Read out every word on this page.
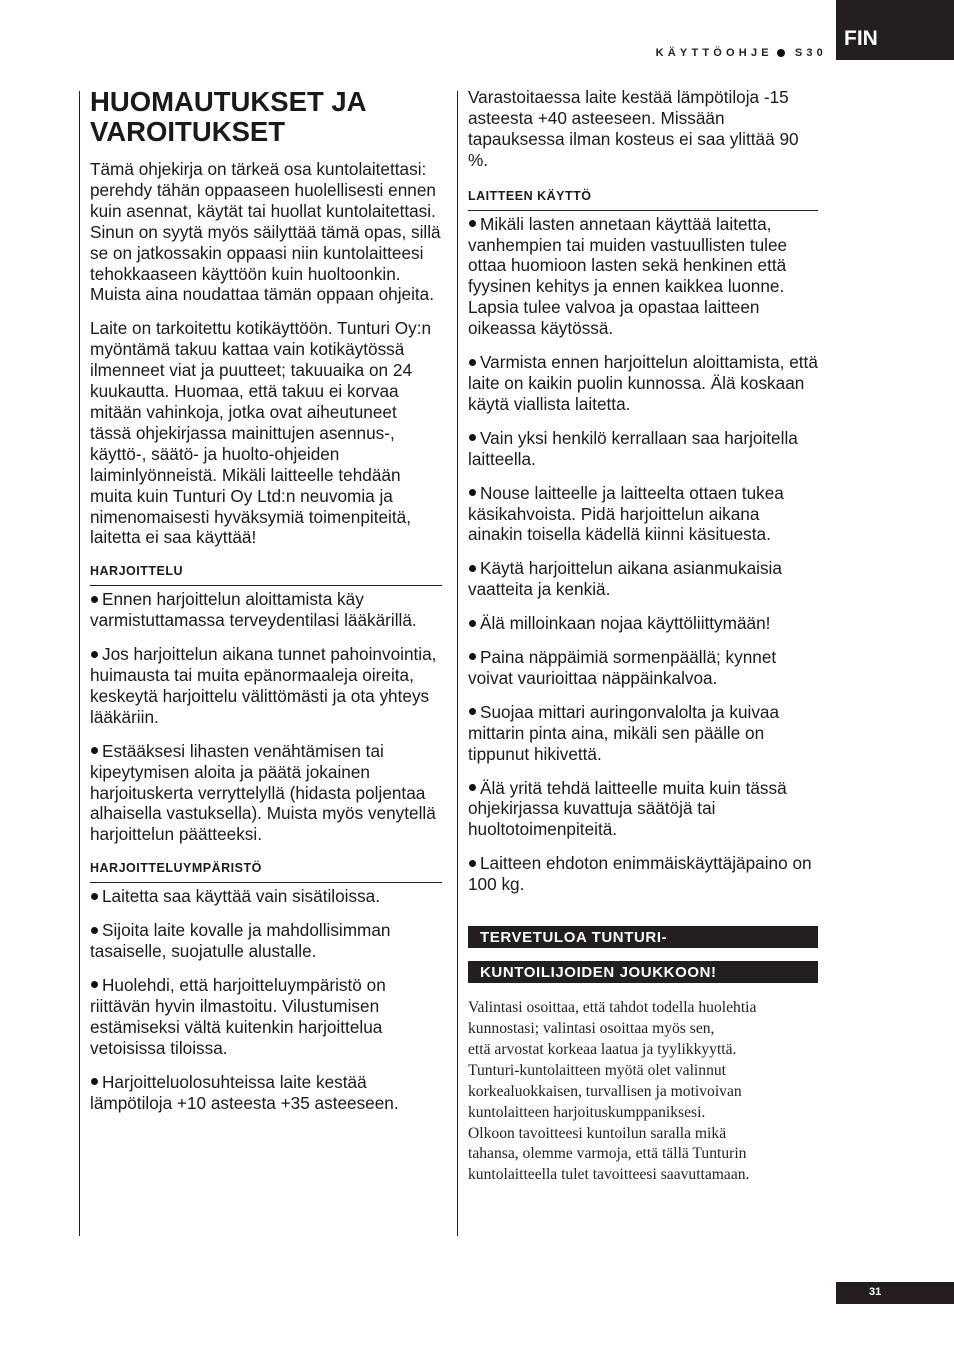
KÄYTTÖOHJE S30
FIN
HUOMAUTUKSET JA VAROITUKSET

Tämä ohjekirja on tärkeä osa kuntolaitettasi: perehdy tähän oppaaseen huolellisesti ennen kuin asennat, käytät tai huollat kuntolaitettasi. Sinun on syytä myös säilyttää tämä opas, sillä se on jatkossakin oppaasi niin kuntolaitteesi tehokkaaseen käyttöön kuin huoltoonkin. Muista aina noudattaa tämän oppaan ohjeita.

Laite on tarkoitettu kotikäyttöön. Tunturi Oy:n myöntämä takuu kattaa vain kotikäytössä ilmenneet viat ja puutteet; takuuaika on 24 kuukautta. Huomaa, että takuu ei korvaa mitään vahinkoja, jotka ovat aiheutuneet tässä ohjekirjassa mainittujen asennus-, käyttö-, säätö- ja huolto-ohjeiden laiminlyönneistä. Mikäli laitteelle tehdään muita kuin Tunturi Oy Ltd:n neuvomia ja nimenomaisesti hyväksymiä toimenpiteitä, laitetta ei saa käyttää!

HARJOITTELU
Ennen harjoittelun aloittamista käy varmistuttamassa terveydentilasi lääkärillä.
Jos harjoittelun aikana tunnet pahoinvointia, huimausta tai muita epänormaaleja oireita, keskeytä harjoittelu välittömästi ja ota yhteys lääkäriin.
Estääksesi lihasten venähtämisen tai kipeytymisen aloita ja päätä jokainen harjoituskerta verryttelyllä (hidasta poljentaa alhaisella vastuksella). Muista myös venytellä harjoittelun päätteeksi.
HARJOITTELUYMPÄRISTÖ
Laitetta saa käyttää vain sisätiloissa.
Sijoita laite kovalle ja mahdollisimman tasaiselle, suojatulle alustalle.
Huolehdi, että harjoitteluympäristö on riittävän hyvin ilmastoitu. Vilustumisen estämiseksi vältä kuitenkin harjoittelua vetoisissa tiloissa.
Harjoitteluolosuhteissa laite kestää lämpötiloja +10 asteesta +35 asteeseen.

Varastoitaessa laite kestää lämpötiloja -15 asteesta +40 asteeseen. Missään tapauksessa ilman kosteus ei saa ylittää 90 %.

LAITTEEN KÄYTTÖ
Mikäli lasten annetaan käyttää laitetta, vanhempien tai muiden vastuullisten tulee ottaa huomioon lasten sekä henkinen että fyysinen kehitys ja ennen kaikkea luonne. Lapsia tulee valvoa ja opastaa laitteen oikeassa käytössä.
Varmista ennen harjoittelun aloittamista, että laite on kaikin puolin kunnossa. Älä koskaan käytä viallista laitetta.
Vain yksi henkilö kerrallaan saa harjoitella laitteella.
Nouse laitteelle ja laitteelta ottaen tukea käsikahvoista. Pidä harjoittelun aikana ainakin toisella kädellä kiinni käsituesta.
Käytä harjoittelun aikana asianmukaisia vaatteita ja kenkiä.
Älä milloinkaan nojaa käyttöliittymään!
Paina näppäimiä sormenpäällä; kynnet voivat vaurioittaa näppäinkalvoa.
Suojaa mittari auringonvalolta ja kuivaa mittarin pinta aina, mikäli sen päälle on tippunut hikivettä.
Älä yritä tehdä laitteelle muita kuin tässä ohjekirjassa kuvattuja säätöjä tai huoltotoimenpiteitä.
Laitteen ehdoton enimmäiskäyttäjäpaino on 100 kg.
TERVETULOA TUNTURI-
KUNTOILIJOIDEN JOUKKOON!
Valintasi osoittaa, että tahdot todella huolehtia
kunnostasi; valintasi osoittaa myös sen,
että arvostat korkeaa laatua ja tyylikkyyttä.
Tunturi-kuntolaitteen myötä olet valinnut
korkealuokkaisen, turvallisen ja motivoivan
kuntolaitteen harjoituskumppaniksesi.
Olkoon tavoitteesi kuntoilun saralla mikä
tahansa, olemme varmoja, että tällä Tunturin
kuntolaitteella tulet tavoitteesi saavuttamaan.
31
